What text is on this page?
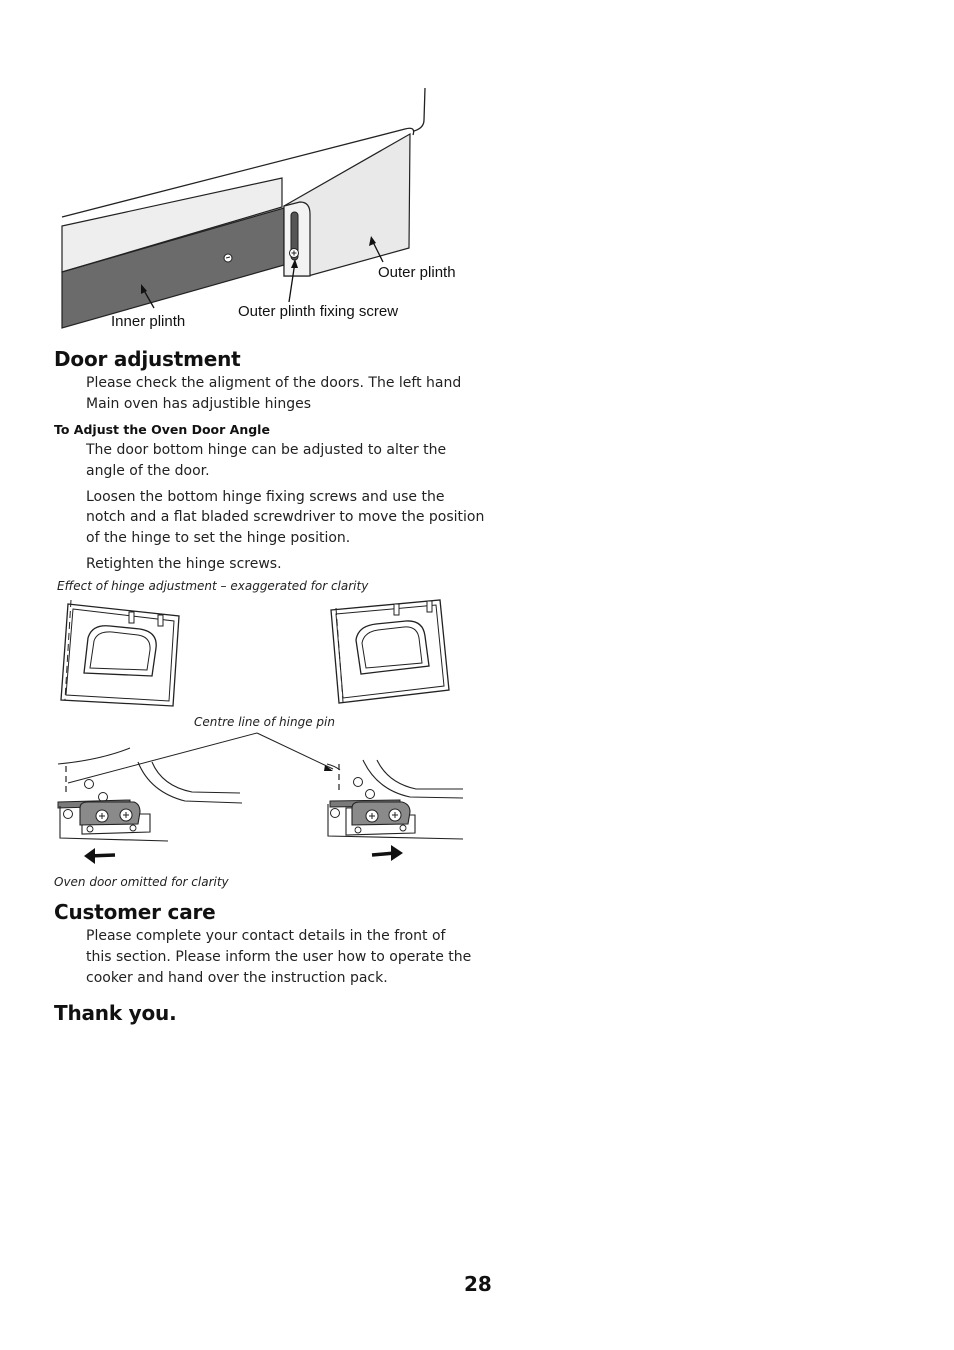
Outer plinth
Outer plinth fixing screw
Inner plinth
Door adjustment
Please check the aligment of the doors. The left hand
Main oven has adjustible hinges
To Adjust the Oven Door Angle
The door bottom hinge can be adjusted to alter the
angle of the door.
Loosen the bottom hinge fixing screws and use the
notch and a flat bladed screwdriver to move the position
of the hinge to set the hinge position.
Retighten the hinge screws.
Effect of hinge adjustment – exaggerated for clarity
Centre line of hinge pin
Oven door omitted for clarity
Customer care
Please complete your contact details in the front of
this section. Please inform the user how to operate the
cooker and hand over the instruction pack.
Thank you.
28
